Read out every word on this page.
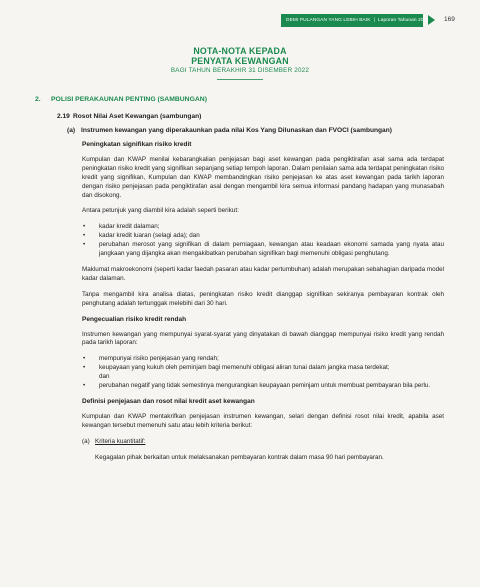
DEMI PULANGAN YANG LEBIH BAIK | Laporan Tahunan 2022 169
NOTA-NOTA KEPADA
PENYATA KEWANGAN
BAGI TAHUN BERAKHIR 31 DISEMBER 2022
2. POLISI PERAKAUNAN PENTING (SAMBUNGAN)
2.19 Rosot Nilai Aset Kewangan (sambungan)
(a) Instrumen kewangan yang diperakaunkan pada nilai Kos Yang Dilunaskan dan FVOCI (sambungan)
Peningkatan signifikan risiko kredit
Kumpulan dan KWAP menilai kebarangkalian penjejasan bagi aset kewangan pada pengiktirafan asal sama ada terdapat peningkatan risiko kredit yang signifikan sepanjang setiap tempoh laporan. Dalam penilaian sama ada terdapat peningkatan risiko kredit yang signifikan, Kumpulan dan KWAP membandingkan risiko penjejasan ke atas aset kewangan pada tarikh laporan dengan risiko penjejasan pada pengiktirafan asal dengan mengambil kira semua informasi pandang hadapan yang munasabah dan disokong.
Antara petunjuk yang diambil kira adalah seperti berikut:
• kadar kredit dalaman;
• kadar kredit luaran (selagi ada); dan
• perubahan merosot yang signifikan di dalam perniagaan, kewangan atau keadaan ekonomi samada yang nyata atau jangkaan yang dijangka akan mengakibatkan perubahan signifikan bagi memenuhi obligasi penghutang.
Maklumat makroekonomi (seperti kadar faedah pasaran atau kadar pertumbuhan) adalah merupakan sebahagian daripada model kadar dalaman.
Tanpa mengambil kira analisa diatas, peningkatan risiko kredit dianggap signifikan sekiranya pembayaran kontrak oleh penghutang adalah tertunggak melebihi dari 30 hari.
Pengecualian risiko kredit rendah
Instrumen kewangan yang mempunyai syarat-syarat yang dinyatakan di bawah dianggap mempunyai risiko kredit yang rendah pada tarikh laporan:
• mempunyai risiko penjejasan yang rendah;
• keupayaan yang kukuh oleh peminjam bagi memenuhi obligasi aliran tunai dalam jangka masa terdekat;
dan
• perubahan negatif yang tidak semestinya mengurangkan keupayaan peminjam untuk membuat pembayaran bila perlu.
Definisi penjejasan dan rosot nilai kredit aset kewangan
Kumpulan dan KWAP mentakrifkan penjejasan instrumen kewangan, selari dengan definisi rosot nilai kredit, apabila aset kewangan tersebut memenuhi satu atau lebih kriteria berikut:
(a) Kriteria kuantitatif:
Kegagalan pihak berkaitan untuk melaksanakan pembayaran kontrak dalam masa 90 hari pembayaran.
